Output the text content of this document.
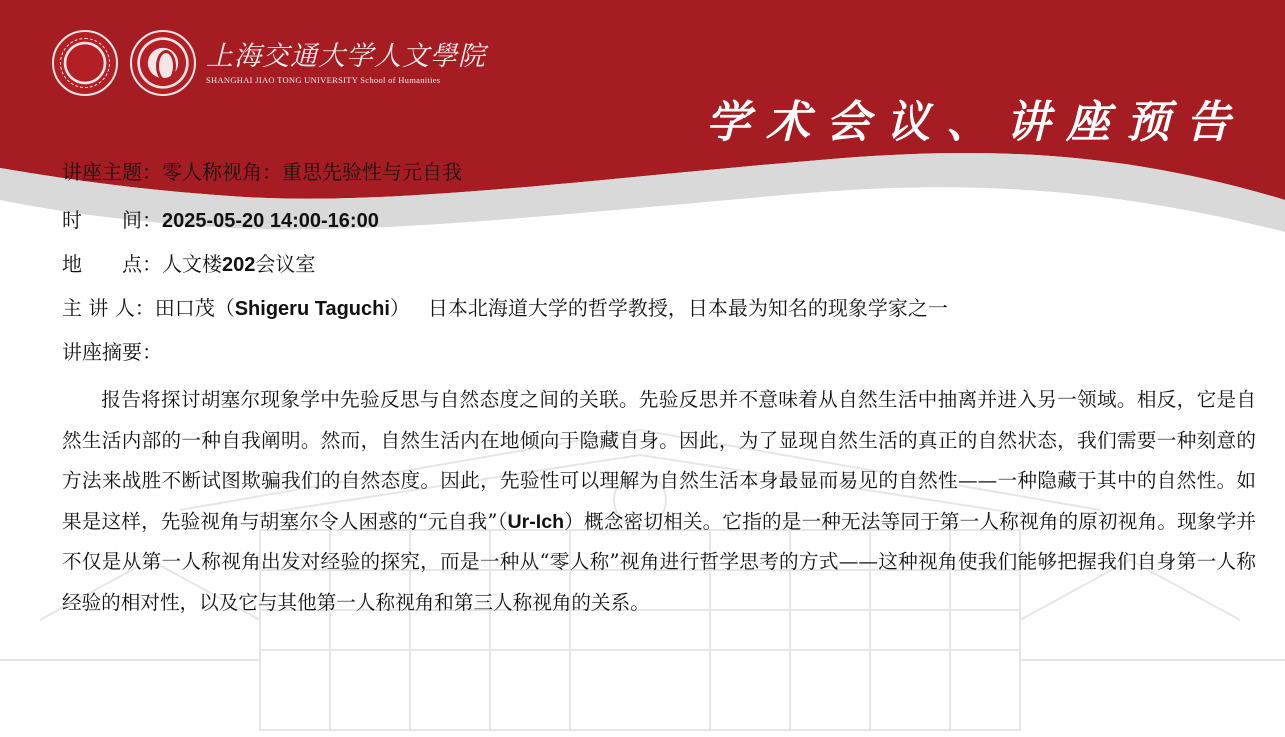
上海交通大学人文學院
SHANGHAI JIAO TONG UNIVERSITY School of Humanities
学术会议、讲座预告
讲座主题：零人称视角：重思先验性与元自我
时　　间：2025-05-20 14:00-16:00
地　　点：人文楼202会议室
主 讲 人：田口茂（Shigeru Taguchi） 日本北海道大学的哲学教授，日本最为知名的现象学家之一
讲座摘要：
报告将探讨胡塞尔现象学中先验反思与自然态度之间的关联。先验反思并不意味着从自然生活中抽离并进入另一领域。相反，它是自然生活内部的一种自我阐明。然而，自然生活内在地倾向于隐藏自身。因此，为了显现自然生活的真正的自然状态，我们需要一种刻意的方法来战胜不断试图欺骗我们的自然态度。因此，先验性可以理解为自然生活本身最显而易见的自然性——一种隐藏于其中的自然性。如果是这样，先验视角与胡塞尔令人困惑的“元自我”（Ur-Ich）概念密切相关。它指的是一种无法等同于第一人称视角的原初视角。现象学并不仅是从第一人称视角出发对经验的探究，而是一种从“零人称”视角进行哲学思考的方式——这种视角使我们能够把握我们自身第一人称经验的相对性，以及它与其他第一人称视角和第三人称视角的关系。
